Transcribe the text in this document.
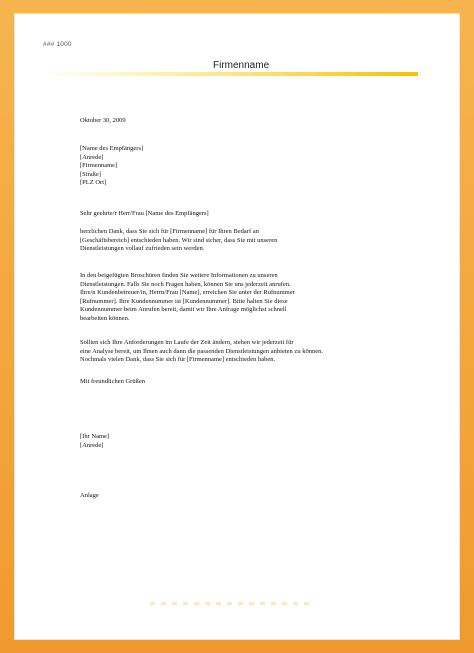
### 1000
Firmenname
Oktober 30, 2009
[Name des Empfängers]
[Anrede]
[Firmenname]
[Straße]
[PLZ Ort]
Sehr geehrte/r Herr/Frau [Name des Empfängers]
herzlichen Dank, dass Sie sich für [Firmenname] für Ihren Bedarf an
[Geschäftsbereich] entschieden haben. Wir sind sicher, dass Sie mit unseren
Dienstleistungen vollauf zufrieden sein werden.
In den beigefügten Broschüren finden Sie weitere Informationen zu unseren
Dienstleistungen. Falls Sie noch Fragen haben, können Sie uns jederzeit anrufen.
Ihre/n Kundenbetreuer/in, Herrn/Frau [Name], erreichen Sie unter der Rufnummer
[Rufnummer]. Ihre Kundennummer ist [Kundennummer]. Bitte halten Sie diese
Kundennummer beim Anrufen bereit, damit wir Ihre Anfrage möglichst schnell
bearbeiten können.
Sollten sich Ihre Anforderungen im Laufe der Zeit ändern, stehen wir jederzeit für
eine Analyse bereit, um Ihnen auch dann die passenden Dienstleistungen anbieten zu können.
Nochmals vielen Dank, dass Sie sich für [Firmenname] entschieden haben.
Mit freundlichen Grüßen
[Ihr Name]
[Anrede]
Anlage
